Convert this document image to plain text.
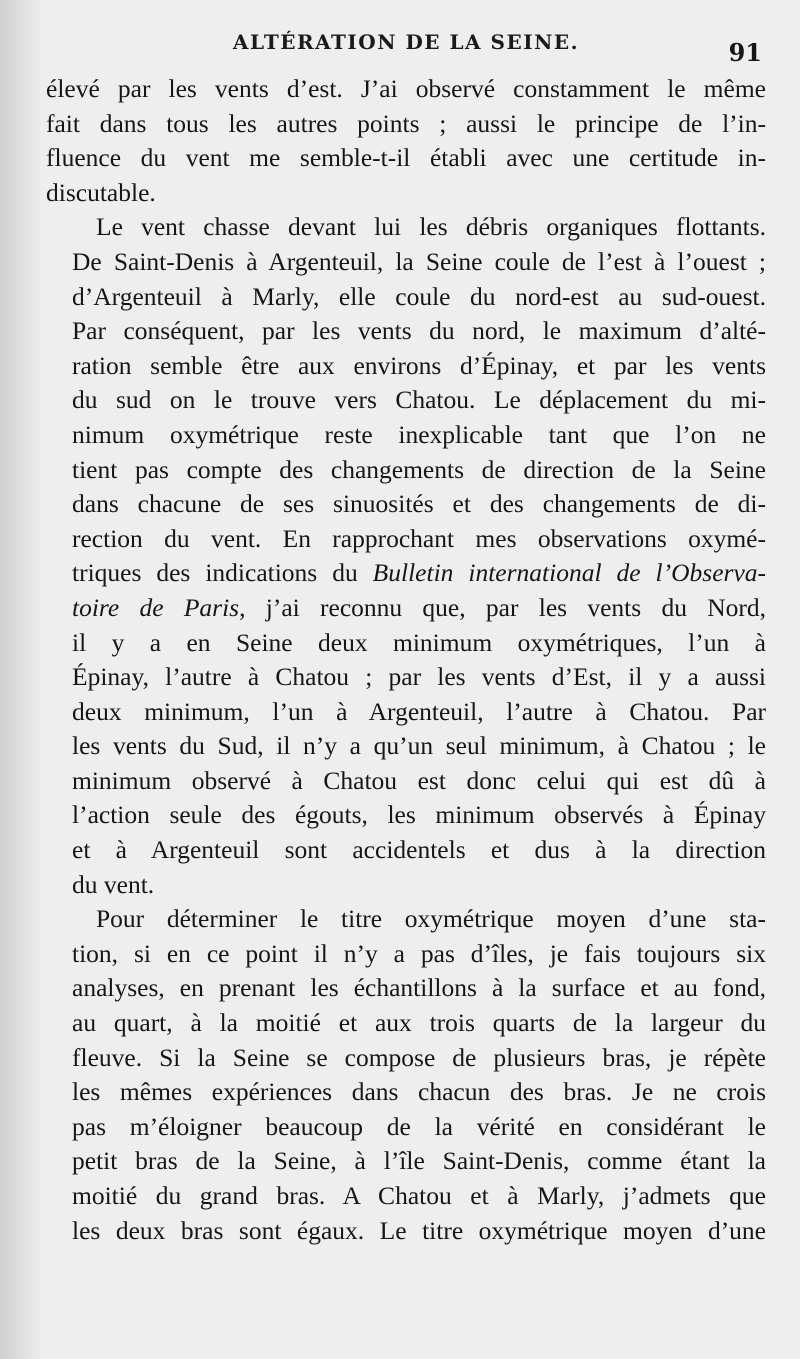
ALTÉRATION DE LA SEINE.	91
élevé par les vents d’est. J’ai observé constamment le même
fait dans tous les autres points ; aussi le principe de l’in-
fluence du vent me semble-t-il établi avec une certitude in-
discutable.
Le vent chasse devant lui les débris organiques flottants.
De Saint-Denis à Argenteuil, la Seine coule de l’est à l’ouest ;
d’Argenteuil à Marly, elle coule du nord-est au sud-ouest.
Par conséquent, par les vents du nord, le maximum d’alté-
ration semble être aux environs d’Épinay, et par les vents
du sud on le trouve vers Chatou. Le déplacement du mi-
nimum oxymétrique reste inexplicable tant que l’on ne
tient pas compte des changements de direction de la Seine
dans chacune de ses sinuosités et des changements de di-
rection du vent. En rapprochant mes observations oxymé-
triques des indications du Bulletin international de l’Observa-
toire de Paris, j’ai reconnu que, par les vents du Nord,
il y a en Seine deux minimum oxymétriques, l’un à
Épinay, l’autre à Chatou ; par les vents d’Est, il y a aussi
deux minimum, l’un à Argenteuil, l’autre à Chatou. Par
les vents du Sud, il n’y a qu’un seul minimum, à Chatou ; le
minimum observé à Chatou est donc celui qui est dû à
l’action seule des égouts, les minimum observés à Épinay
et à Argenteuil sont accidentels et dus à la direction
du vent.
Pour déterminer le titre oxymétrique moyen d’une sta-
tion, si en ce point il n’y a pas d’îles, je fais toujours six
analyses, en prenant les échantillons à la surface et au fond,
au quart, à la moitié et aux trois quarts de la largeur du
fleuve. Si la Seine se compose de plusieurs bras, je répète
les mêmes expériences dans chacun des bras. Je ne crois
pas m’éloigner beaucoup de la vérité en considérant le
petit bras de la Seine, à l’île Saint-Denis, comme étant la
moitié du grand bras. A Chatou et à Marly, j’admets que
les deux bras sont égaux. Le titre oxymétrique moyen d’une
